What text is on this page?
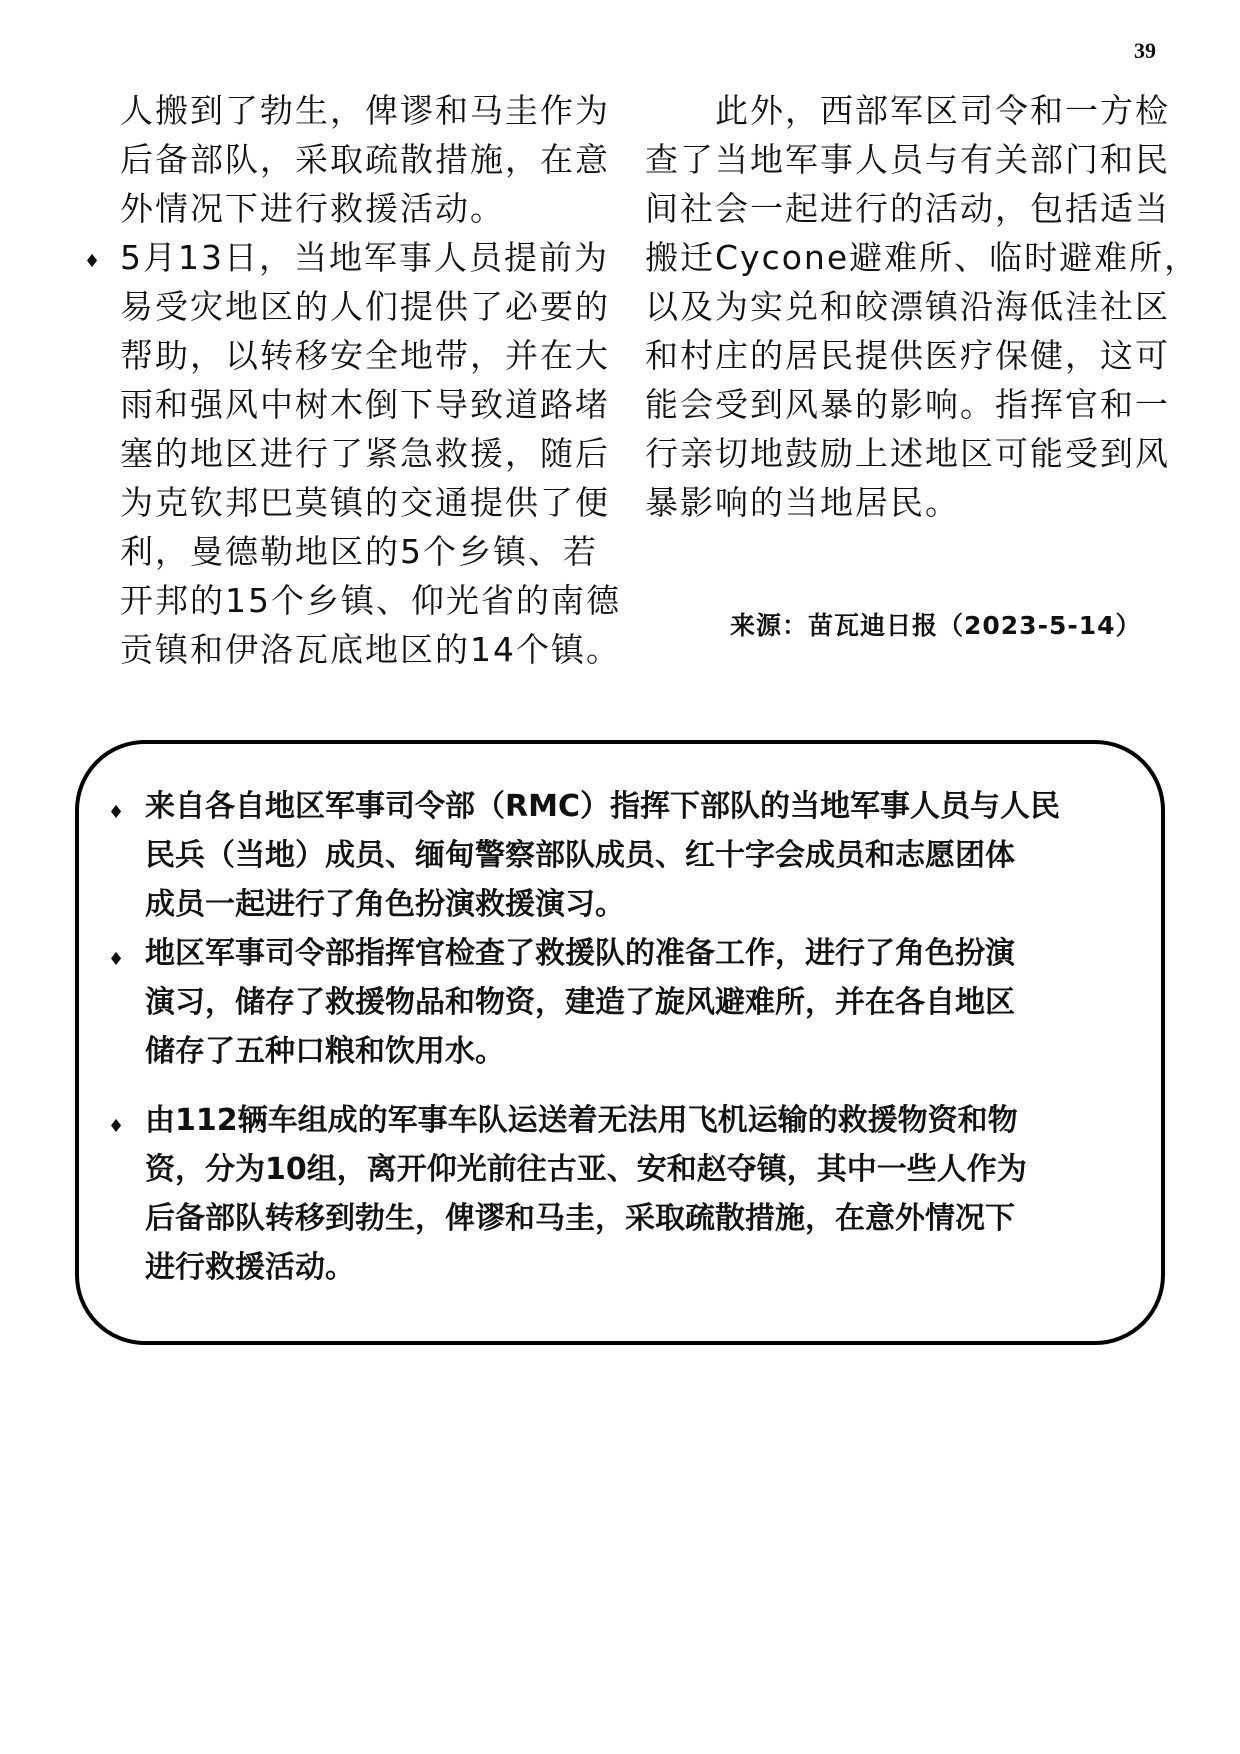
39
人搬到了勃生，俾谬和马圭作为
后备部队，采取疏散措施，在意
外情况下进行救援活动。
♦ 5月13日，当地军事人员提前为
易受灾地区的人们提供了必要的
帮助，以转移安全地带，并在大
雨和强风中树木倒下导致道路堵
塞的地区进行了紧急救援，随后
为克钦邦巴莫镇的交通提供了便
利，曼德勒地区的5个乡镇、若
开邦的15个乡镇、仰光省的南德
贡镇和伊洛瓦底地区的14个镇。
此外，西部军区司令和一方检
查了当地军事人员与有关部门和民
间社会一起进行的活动，包括适当
搬迁Cycone避难所、临时避难所，
以及为实兑和皎漂镇沿海低洼社区
和村庄的居民提供医疗保健，这可
能会受到风暴的影响。指挥官和一
行亲切地鼓励上述地区可能受到风
暴影响的当地居民。
来源：苗瓦迪日报（2023-5-14）
♦ 来自各自地区军事司令部（RMC）指挥下部队的当地军事人员与人民
民兵（当地）成员、缅甸警察部队成员、红十字会成员和志愿团体
成员一起进行了角色扮演救援演习。
♦ 地区军事司令部指挥官检查了救援队的准备工作，进行了角色扮演
演习，储存了救援物品和物资，建造了旋风避难所，并在各自地区
储存了五种口粮和饮用水。
♦ 由112辆车组成的军事车队运送着无法用飞机运输的救援物资和物
资，分为10组，离开仰光前往古亚、安和赵夺镇，其中一些人作为
后备部队转移到勃生，俾谬和马圭，采取疏散措施，在意外情况下
进行救援活动。
